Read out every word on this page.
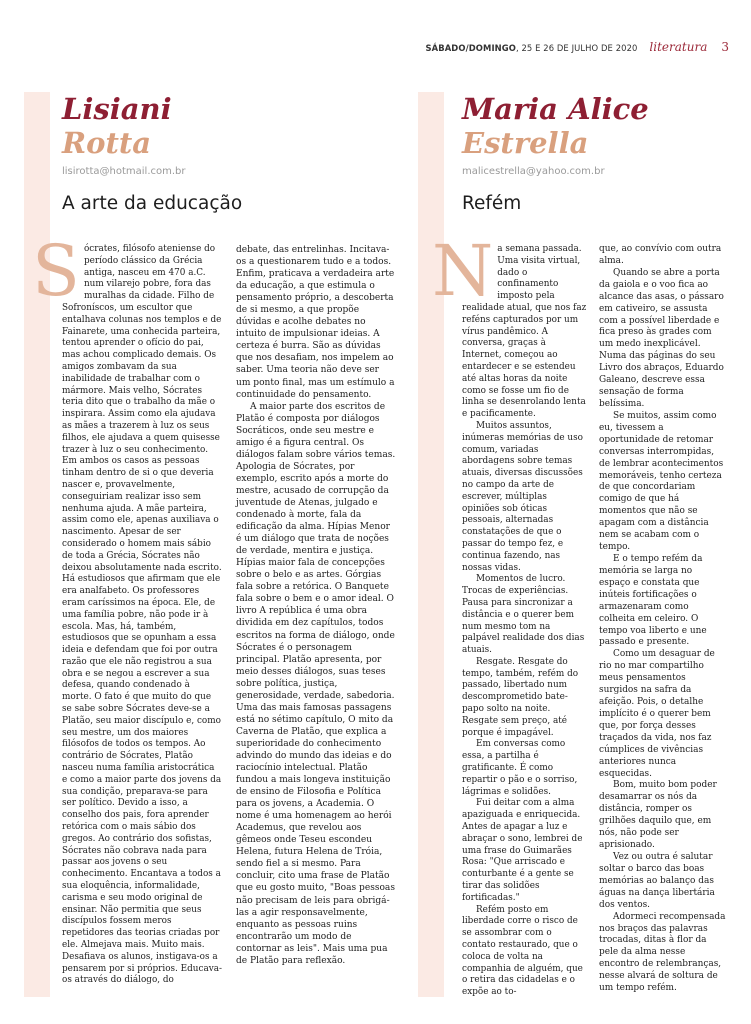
SÁBADO/DOMINGO, 25 E 26 DE JULHO DE 2020 literatura 3
Lisiani
Rotta
lisirotta@hotmail.com.br
A arte da educação
S ócrates, filósofo ateniense do período clássico da Grécia antiga, nasceu em 470 a.C. num vilarejo pobre, fora das muralhas da cidade. Filho de Sofroníscos, um escultor que entalhava colunas nos templos e de Fainarete, uma conhecida parteira, tentou aprender o ofício do pai, mas achou complicado demais. Os amigos zombavam da sua inabilidade de trabalhar com o mármore. Mais velho, Sócrates teria dito que o trabalho da mãe o inspirara. Assim como ela ajudava as mães a trazerem à luz os seus filhos, ele ajudava a quem quisesse trazer à luz o seu conhecimento. Em ambos os casos as pessoas tinham dentro de si o que deveria nascer e, provavelmente, conseguiriam realizar isso sem nenhuma ajuda. A mãe parteira, assim como ele, apenas auxiliava o nascimento. Apesar de ser considerado o homem mais sábio de toda a Grécia, Sócrates não deixou absolutamente nada escrito. Há estudiosos que afirmam que ele era analfabeto. Os professores eram caríssimos na época. Ele, de uma família pobre, não pode ir à escola. Mas, há, também, estudiosos que se opunham a essa ideia e defendam que foi por outra razão que ele não registrou a sua obra e se negou a escrever a sua defesa, quando condenado à morte. O fato é que muito do que se sabe sobre Sócrates deve-se a Platão, seu maior discípulo e, como seu mestre, um dos maiores filósofos de todos os tempos. Ao contrário de Sócrates, Platão nasceu numa família aristocrática e como a maior parte dos jovens da sua condição, preparava-se para ser político. Devido a isso, a conselho dos pais, fora aprender retórica com o mais sábio dos gregos. Ao contrário dos sofistas, Sócrates não cobrava nada para passar aos jovens o seu conhecimento. Encantava a todos a sua eloquência, informalidade, carisma e seu modo original de ensinar. Não permitia que seus discípulos fossem meros repetidores das teorias criadas por ele. Almejava mais. Muito mais. Desafiava os alunos, instigava-os a pensarem por si próprios. Educava-os através do diálogo, do

debate, das entrelinhas. Incitava-os a questionarem tudo e a todos. Enfim, praticava a verdadeira arte da educação, a que estimula o pensamento próprio, a descoberta de si mesmo, a que propõe dúvidas e acolhe debates no intuito de impulsionar ideias. A certeza é burra. São as dúvidas que nos desafiam, nos impelem ao saber. Uma teoria não deve ser um ponto final, mas um estímulo a continuidade do pensamento.

A maior parte dos escritos de Platão é composta por diálogos Socráticos, onde seu mestre e amigo é a figura central. Os diálogos falam sobre vários temas. Apologia de Sócrates, por exemplo, escrito após a morte do mestre, acusado de corrupção da juventude de Atenas, julgado e condenado à morte, fala da edificação da alma. Hípias Menor é um diálogo que trata de noções de verdade, mentira e justiça. Hípias maior fala de concepções sobre o belo e as artes. Górgias fala sobre a retórica. O Banquete fala sobre o bem e o amor ideal. O livro A república é uma obra dividida em dez capítulos, todos escritos na forma de diálogo, onde Sócrates é o personagem principal. Platão apresenta, por meio desses diálogos, suas teses sobre política, justiça, generosidade, verdade, sabedoria. Uma das mais famosas passagens está no sétimo capítulo, O mito da Caverna de Platão, que explica a superioridade do conhecimento advindo do mundo das ideias e do raciocínio intelectual. Platão fundou a mais longeva instituição de ensino de Filosofia e Política para os jovens, a Academia. O nome é uma homenagem ao herói Academus, que revelou aos gêmeos onde Teseu escondeu Helena, futura Helena de Tróia, sendo fiel a si mesmo. Para concluir, cito uma frase de Platão que eu gosto muito, "Boas pessoas não precisam de leis para obrigá-las a agir responsavelmente, enquanto as pessoas ruins encontrarão um modo de contornar as leis". Mais uma pua de Platão para reflexão.

Maria Alice
Estrella
malicestrella@yahoo.com.br
Refém
N a semana passada. Uma visita virtual, dado o confinamento imposto pela realidade atual, que nos faz reféns capturados por um vírus pandêmico. A conversa, graças à Internet, começou ao entardecer e se estendeu até altas horas da noite como se fosse um fio de linha se desenrolando lenta e pacificamente.

Muitos assuntos, inúmeras memórias de uso comum, variadas abordagens sobre temas atuais, diversas discussões no campo da arte de escrever, múltiplas opiniões sob óticas pessoais, alternadas constatações de que o passar do tempo fez, e continua fazendo, nas nossas vidas.

Momentos de lucro. Trocas de experiências. Pausa para sincronizar a distância e o querer bem num mesmo tom na palpável realidade dos dias atuais.

Resgate. Resgate do tempo, também, refém do passado, libertado num descomprometido bate-papo solto na noite. Resgate sem preço, até porque é impagável.

Em conversas como essa, a partilha é gratificante. É como repartir o pão e o sorriso, lágrimas e solidões.

Fui deitar com a alma apaziguada e enriquecida. Antes de apagar a luz e abraçar o sono, lembrei de uma frase do Guimarães Rosa: "Que arriscado e conturbante é a gente se tirar das solidões fortificadas."

Refém posto em liberdade corre o risco de se assombrar com o contato restaurado, que o coloca de volta na companhia de alguém, que o retira das cidadelas e o expõe ao to-

que, ao convívio com outra alma.

Quando se abre a porta da gaiola e o voo fica ao alcance das asas, o pássaro em cativeiro, se assusta com a possível liberdade e fica preso às grades com um medo inexplicável. Numa das páginas do seu Livro dos abraços, Eduardo Galeano, descreve essa sensação de forma belíssima.

Se muitos, assim como eu, tivessem a oportunidade de retomar conversas interrompidas, de lembrar acontecimentos memoráveis, tenho certeza de que concordariam comigo de que há momentos que não se apagam com a distância nem se acabam com o tempo.

E o tempo refém da memória se larga no espaço e constata que inúteis fortificações o armazenaram como colheita em celeiro. O tempo voa liberto e une passado e presente.

Como um desaguar de rio no mar compartilho meus pensamentos surgidos na safra da afeição. Pois, o detalhe implícito é o querer bem que, por força desses traçados da vida, nos faz cúmplices de vivências anteriores nunca esquecidas.

Bom, muito bom poder desamarrar os nós da distância, romper os grilhões daquilo que, em nós, não pode ser aprisionado.

Vez ou outra é salutar soltar o barco das boas memórias ao balanço das águas na dança libertária dos ventos.

Adormeci recompensada nos braços das palavras trocadas, ditas à flor da pele da alma nesse encontro de relembranças, nesse alvará de soltura de um tempo refém.
